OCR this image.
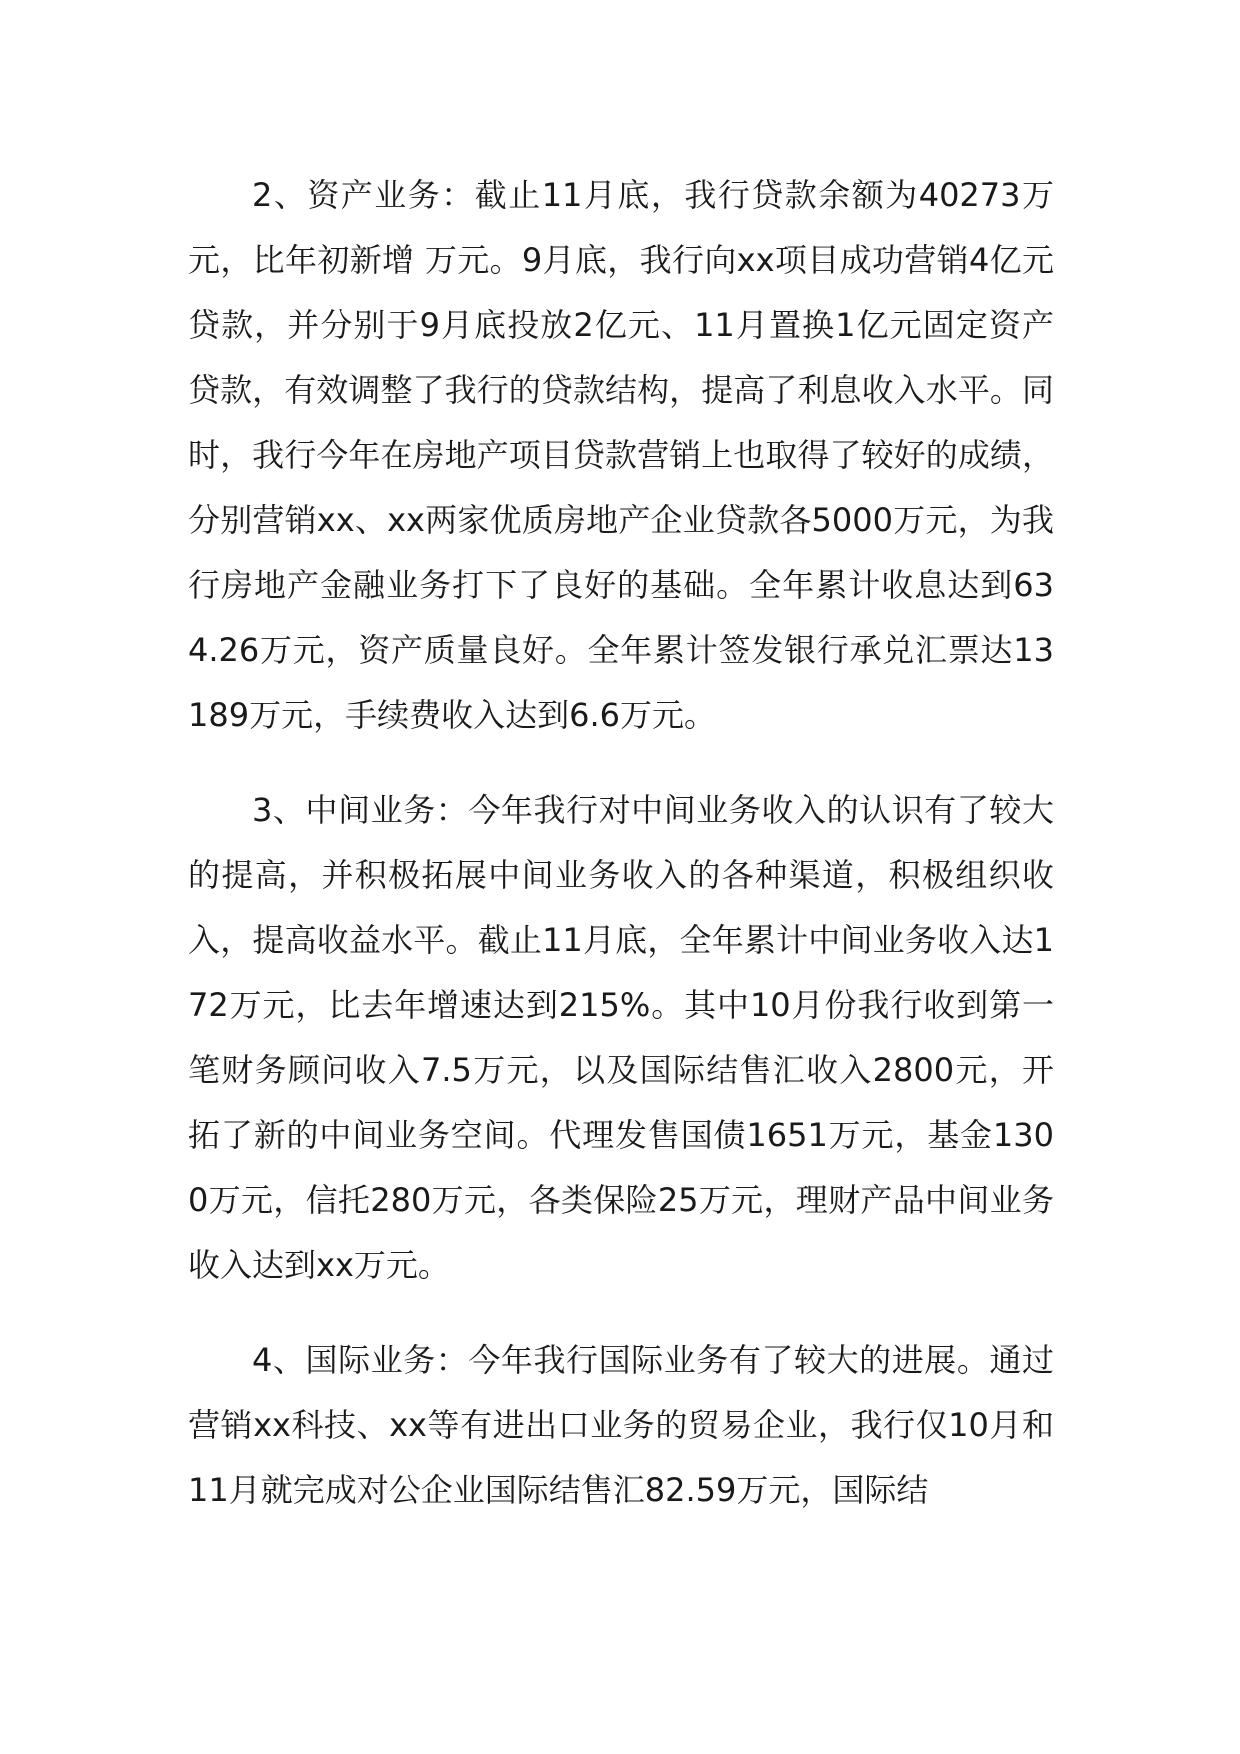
2、资产业务：截止11月底，我行贷款余额为40273万元，比年初新增 万元。9月底，我行向xx项目成功营销4亿元贷款，并分别于9月底投放2亿元、11月置换1亿元固定资产贷款，有效调整了我行的贷款结构，提高了利息收入水平。同时，我行今年在房地产项目贷款营销上也取得了较好的成绩，分别营销xx、xx两家优质房地产企业贷款各5000万元，为我行房地产金融业务打下了良好的基础。全年累计收息达到634.26万元，资产质量良好。全年累计签发银行承兑汇票达13189万元，手续费收入达到6.6万元。

3、中间业务：今年我行对中间业务收入的认识有了较大的提高，并积极拓展中间业务收入的各种渠道，积极组织收入，提高收益水平。截止11月底，全年累计中间业务收入达172万元，比去年增速达到215%。其中10月份我行收到第一笔财务顾问收入7.5万元，以及国际结售汇收入2800元，开拓了新的中间业务空间。代理发售国债1651万元，基金1300万元，信托280万元，各类保险25万元，理财产品中间业务收入达到xx万元。

4、国际业务：今年我行国际业务有了较大的进展。通过营销xx科技、xx等有进出口业务的贸易企业，我行仅10月和11月就完成对公企业国际结售汇82.59万元，国际结
